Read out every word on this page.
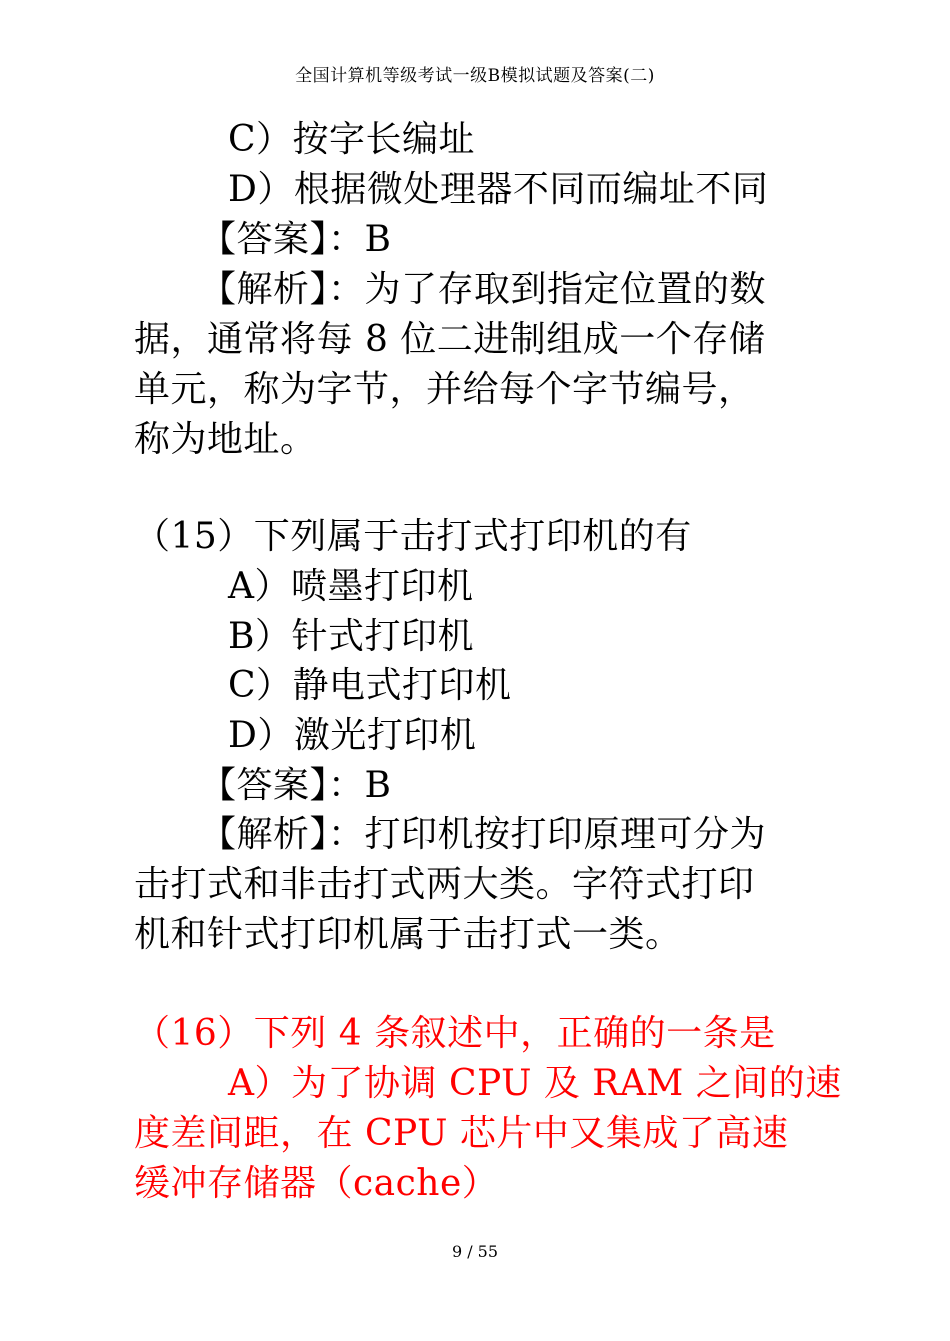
全国计算机等级考试一级B模拟试题及答案(二)
C）按字长编址
D）根据微处理器不同而编址不同
【答案】：B
【解析】：为了存取到指定位置的数
据，通常将每 8 位二进制组成一个存储
单元，称为字节，并给每个字节编号，
称为地址。
（15）下列属于击打式打印机的有
A）喷墨打印机
B）针式打印机
C）静电式打印机
D）激光打印机
【答案】：B
【解析】：打印机按打印原理可分为
击打式和非击打式两大类。字符式打印
机和针式打印机属于击打式一类。
（16）下列 4 条叙述中，正确的一条是
A）为了协调 CPU 及 RAM 之间的速
度差间距，在 CPU 芯片中又集成了高速
缓冲存储器（cache）
9 / 55
